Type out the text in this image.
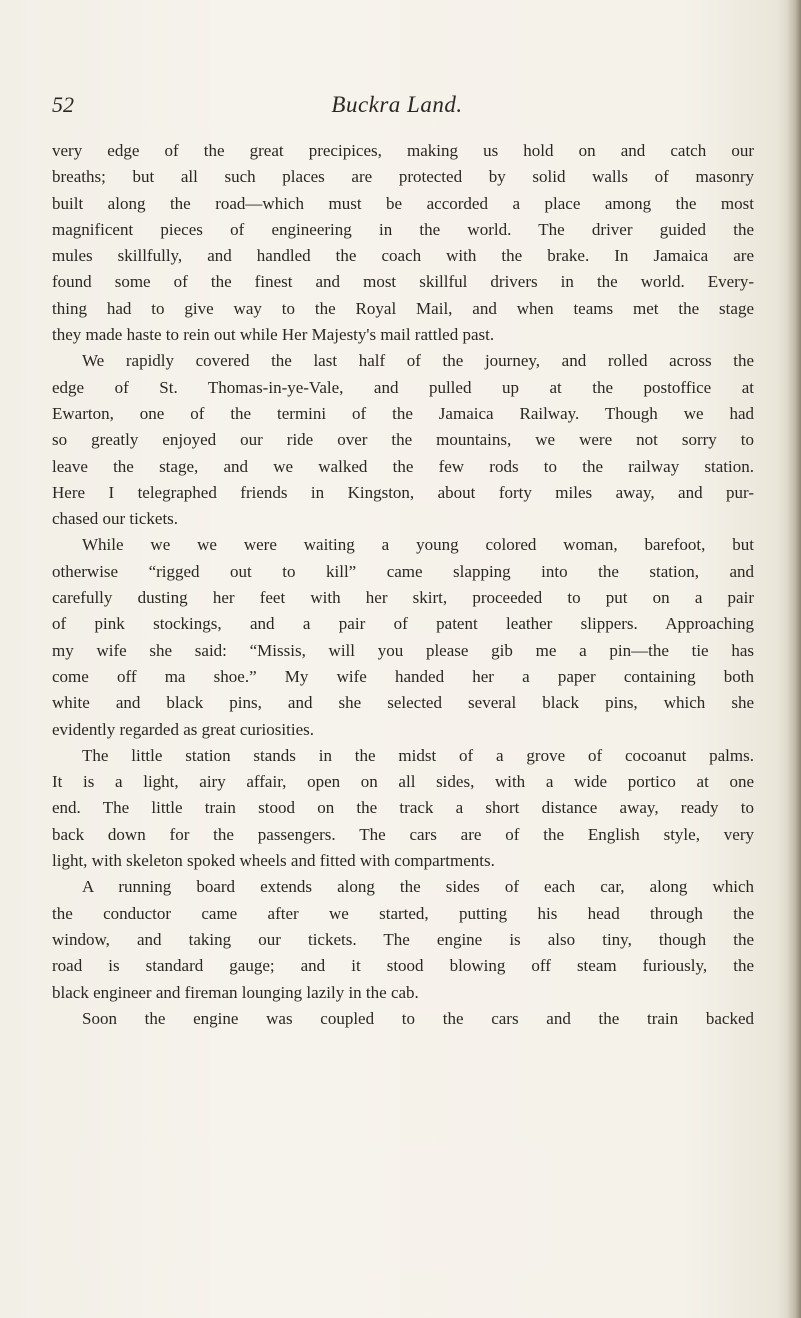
52	Buckra Land.
very edge of the great precipices, making us hold on and catch our
breaths; but all such places are protected by solid walls of masonry
built along the road—which must be accorded a place among the most
magnificent pieces of engineering in the world. The driver guided the
mules skillfully, and handled the coach with the brake. In Jamaica are
found some of the finest and most skillful drivers in the world. Every-
thing had to give way to the Royal Mail, and when teams met the stage
they made haste to rein out while Her Majesty's mail rattled past.
We rapidly covered the last half of the journey, and rolled across the
edge of St. Thomas-in-ye-Vale, and pulled up at the postoffice at
Ewarton, one of the termini of the Jamaica Railway. Though we had
so greatly enjoyed our ride over the mountains, we were not sorry to
leave the stage, and we walked the few rods to the railway station.
Here I telegraphed friends in Kingston, about forty miles away, and pur-
chased our tickets.
While we we were waiting a young colored woman, barefoot, but
otherwise “rigged out to kill” came slapping into the station, and
carefully dusting her feet with her skirt, proceeded to put on a pair
of pink stockings, and a pair of patent leather slippers. Approaching
my wife she said: “Missis, will you please gib me a pin—the tie has
come off ma shoe.” My wife handed her a paper containing both
white and black pins, and she selected several black pins, which she
evidently regarded as great curiosities.
The little station stands in the midst of a grove of cocoanut palms.
It is a light, airy affair, open on all sides, with a wide portico at one
end. The little train stood on the track a short distance away, ready to
back down for the passengers. The cars are of the English style, very
light, with skeleton spoked wheels and fitted with compartments.
A running board extends along the sides of each car, along which
the conductor came after we started, putting his head through the
window, and taking our tickets. The engine is also tiny, though the
road is standard gauge; and it stood blowing off steam furiously, the
black engineer and fireman lounging lazily in the cab.
Soon the engine was coupled to the cars and the train backed
